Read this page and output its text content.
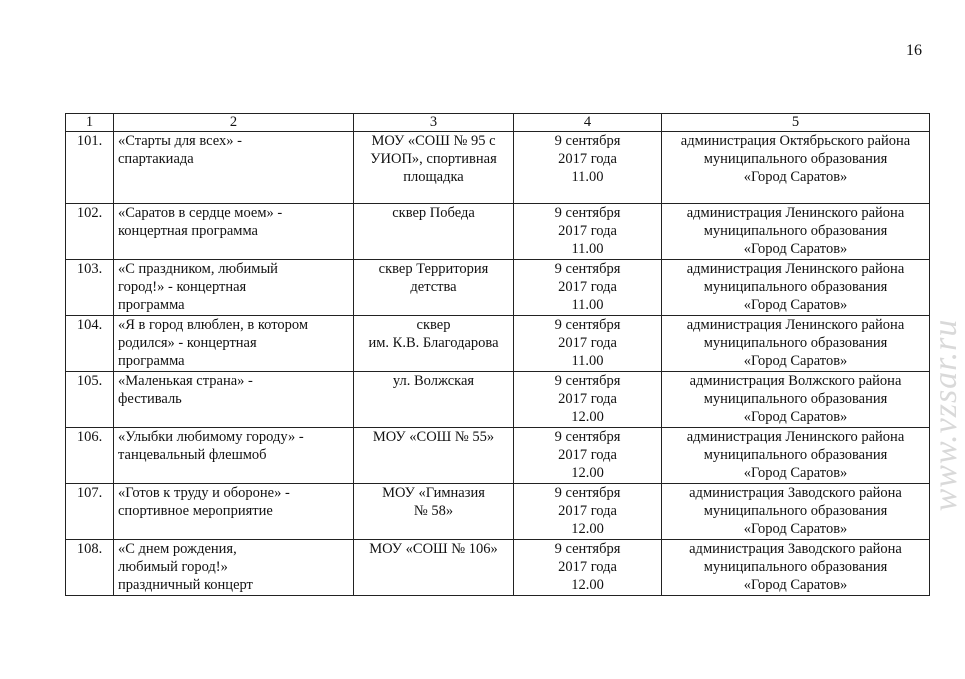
16
1	2	3	4	5
101.	«Старты для всех» -
спартакиада	МОУ «СОШ № 95 с
УИОП», спортивная
площадка	9 сентября
2017 года
11.00	администрация Октябрьского района
муниципального образования
«Город Саратов»

102.	«Саратов в сердце моем» -
концертная программа	сквер Победа	9 сентября
2017 года
11.00	администрация Ленинского района
муниципального образования
«Город Саратов»

103.	«С праздником, любимый
город!» - концертная
программа	сквер Территория
детства	9 сентября
2017 года
11.00	администрация Ленинского района
муниципального образования
«Город Саратов»

104.	«Я в город влюблен, в котором
родился» - концертная
программа	сквер
им. К.В. Благодарова	9 сентября
2017 года
11.00	администрация Ленинского района
муниципального образования
«Город Саратов»

105.	«Маленькая страна» -
фестиваль	ул. Волжская	9 сентября
2017 года
12.00	администрация Волжского района
муниципального образования
«Город Саратов»

106.	«Улыбки любимому городу» -
танцевальный флешмоб	МОУ «СОШ № 55»	9 сентября
2017 года
12.00	администрация Ленинского района
муниципального образования
«Город Саратов»

107.	«Готов к труду и обороне» -
спортивное мероприятие	МОУ «Гимназия
№ 58»	9 сентября
2017 года
12.00	администрация Заводского района
муниципального образования
«Город Саратов»

108.	«С днем рождения,
любимый город!»
праздничный концерт	МОУ «СОШ № 106»	9 сентября
2017 года
12.00	администрация Заводского района
муниципального образования
«Город Саратов»
www.vzsar.ru
